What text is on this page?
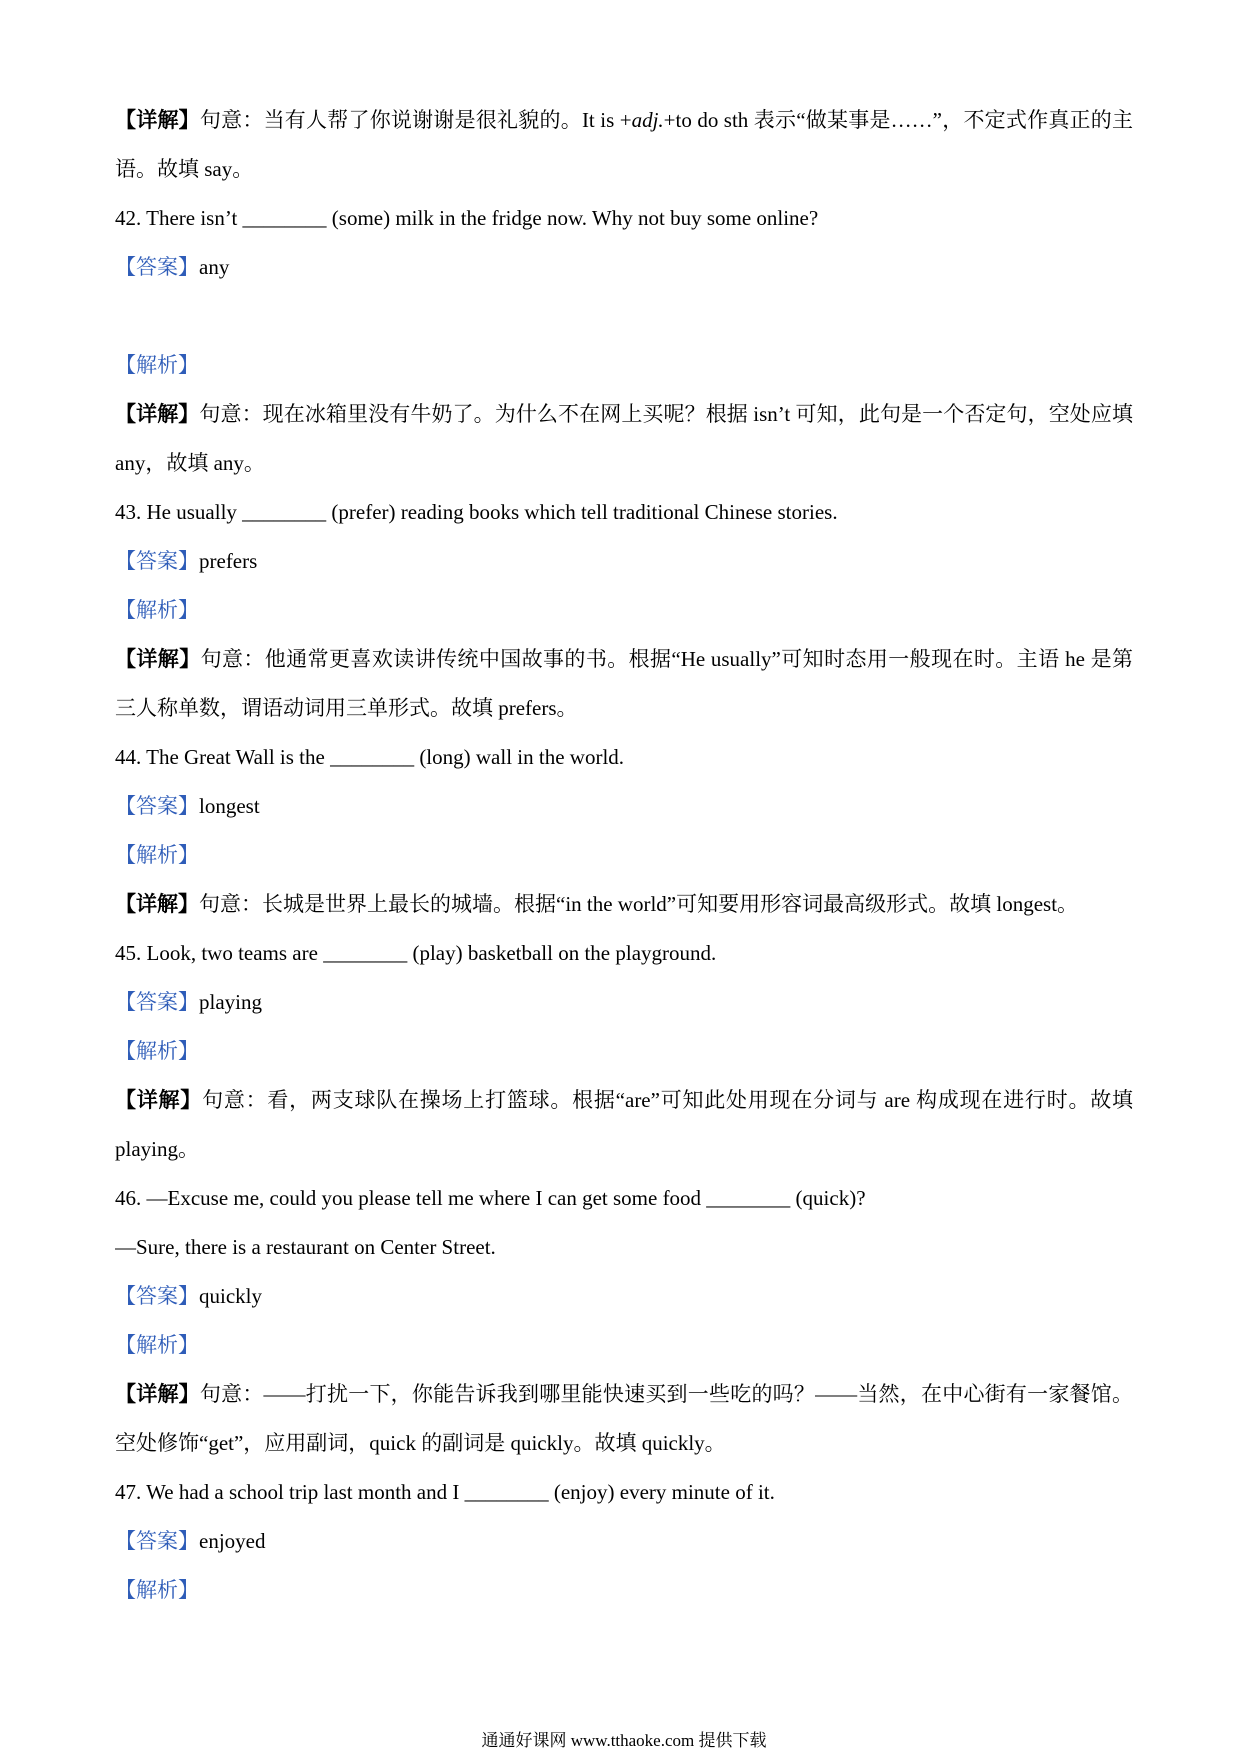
【详解】句意：当有人帮了你说谢谢是很礼貌的。It is +adj.+to do sth 表示“做某事是……”，不定式作真正的主语。故填 say。

42. There isn’t ________ (some) milk in the fridge now. Why not buy some online?

【答案】any

【解析】

【详解】句意：现在冰箱里没有牛奶了。为什么不在网上买呢？根据 isn’t 可知，此句是一个否定句，空处应填 any，故填 any。

43. He usually ________ (prefer) reading books which tell traditional Chinese stories.

【答案】prefers

【解析】

【详解】句意：他通常更喜欢读讲传统中国故事的书。根据“He usually”可知时态用一般现在时。主语 he 是第三人称单数，谓语动词用三单形式。故填 prefers。

44. The Great Wall is the ________ (long) wall in the world.

【答案】longest

【解析】

【详解】句意：长城是世界上最长的城墙。根据“in the world”可知要用形容词最高级形式。故填 longest。

45. Look, two teams are ________ (play) basketball on the playground.

【答案】playing

【解析】

【详解】句意：看，两支球队在操场上打篮球。根据“are”可知此处用现在分词与 are 构成现在进行时。故填 playing。

46. —Excuse me, could you please tell me where I can get some food ________ (quick)?

—Sure, there is a restaurant on Center Street.

【答案】quickly

【解析】

【详解】句意：——打扰一下，你能告诉我到哪里能快速买到一些吃的吗？——当然，在中心街有一家餐馆。空处修饰“get”，应用副词，quick 的副词是 quickly。故填 quickly。

47. We had a school trip last month and I ________ (enjoy) every minute of it.

【答案】enjoyed

【解析】

通通好课网 www.tthaoke.com 提供下载
